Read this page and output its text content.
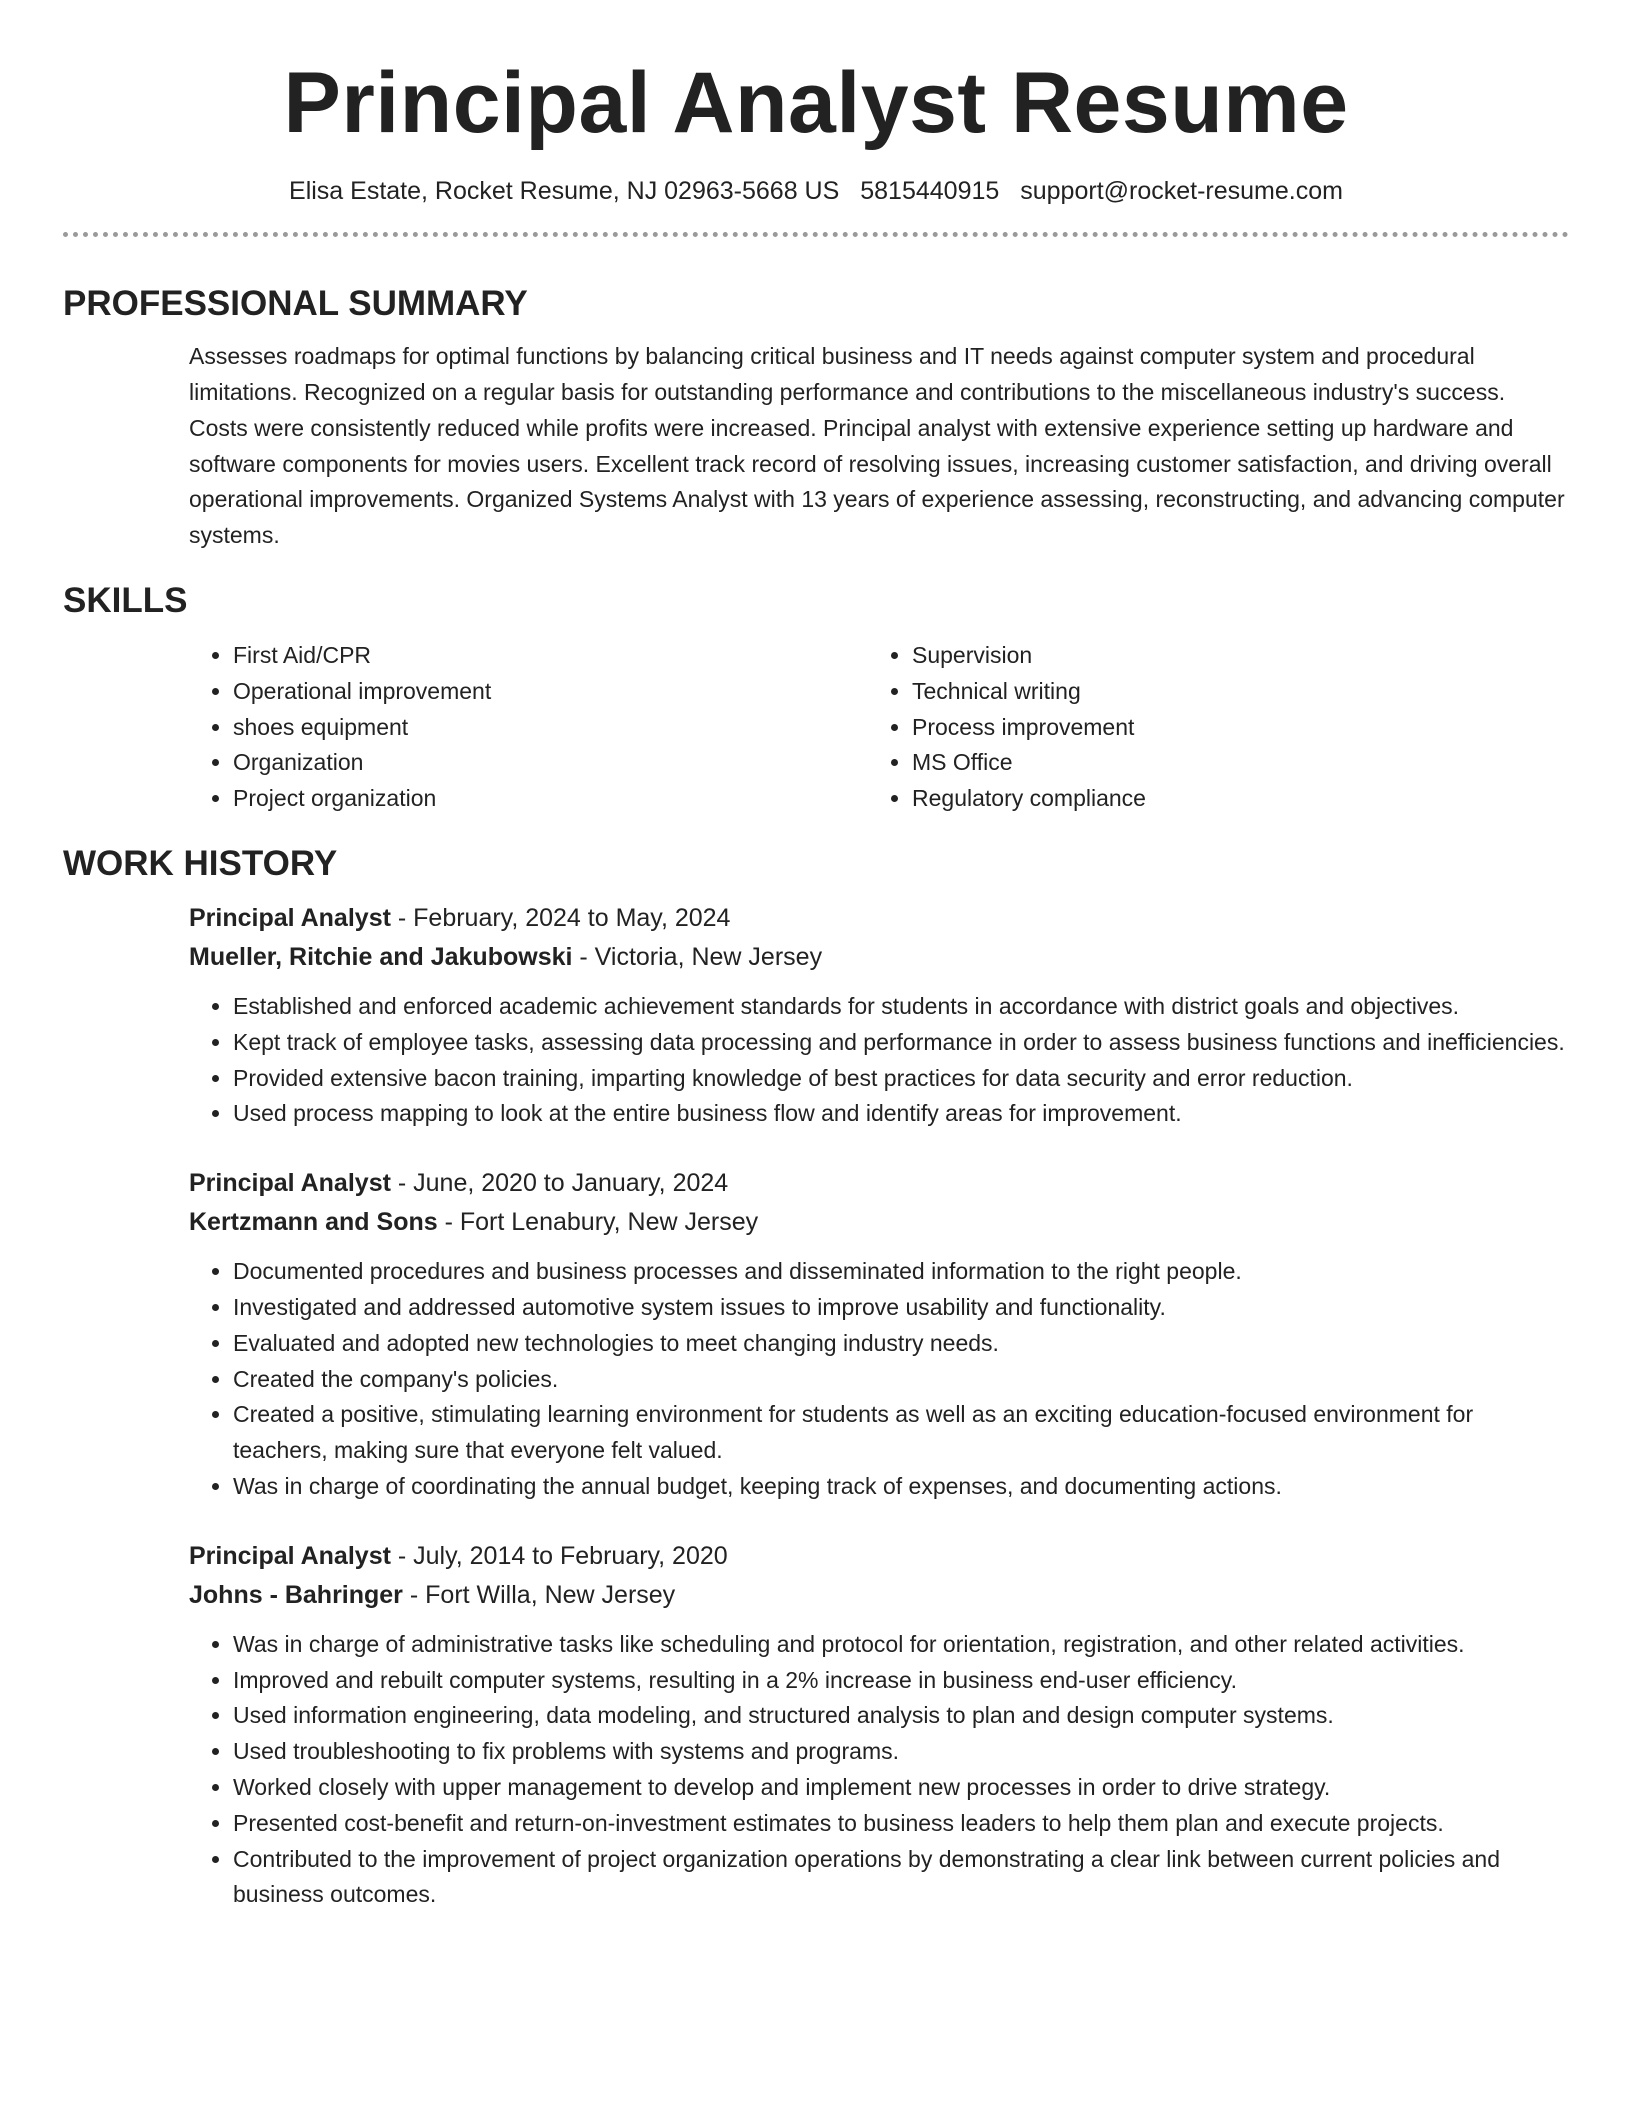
Principal Analyst Resume
Elisa Estate, Rocket Resume, NJ 02963-5668 US 5815440915 support@rocket-resume.com
PROFESSIONAL SUMMARY

Assesses roadmaps for optimal functions by balancing critical business and IT needs against computer system and procedural limitations. Recognized on a regular basis for outstanding performance and contributions to the miscellaneous industry's success. Costs were consistently reduced while profits were increased. Principal analyst with extensive experience setting up hardware and software components for movies users. Excellent track record of resolving issues, increasing customer satisfaction, and driving overall operational improvements. Organized Systems Analyst with 13 years of experience assessing, reconstructing, and advancing computer systems.

SKILLS
• First Aid/CPR
• Operational improvement
• shoes equipment
• Organization
• Project organization
• Supervision
• Technical writing
• Process improvement
• MS Office
• Regulatory compliance
WORK HISTORY

Principal Analyst - February, 2024 to May, 2024

Mueller, Ritchie and Jakubowski - Victoria, New Jersey

• Established and enforced academic achievement standards for students in accordance with district goals and objectives.
• Kept track of employee tasks, assessing data processing and performance in order to assess business functions and inefficiencies.
• Provided extensive bacon training, imparting knowledge of best practices for data security and error reduction.
• Used process mapping to look at the entire business flow and identify areas for improvement.

Principal Analyst - June, 2020 to January, 2024

Kertzmann and Sons - Fort Lenabury, New Jersey

• Documented procedures and business processes and disseminated information to the right people.
• Investigated and addressed automotive system issues to improve usability and functionality.
• Evaluated and adopted new technologies to meet changing industry needs.
• Created the company's policies.
• Created a positive, stimulating learning environment for students as well as an exciting education-focused environment for teachers, making sure that everyone felt valued.
• Was in charge of coordinating the annual budget, keeping track of expenses, and documenting actions.

Principal Analyst - July, 2014 to February, 2020

Johns - Bahringer - Fort Willa, New Jersey

• Was in charge of administrative tasks like scheduling and protocol for orientation, registration, and other related activities.
• Improved and rebuilt computer systems, resulting in a 2% increase in business end-user efficiency.
• Used information engineering, data modeling, and structured analysis to plan and design computer systems.
• Used troubleshooting to fix problems with systems and programs.
• Worked closely with upper management to develop and implement new processes in order to drive strategy.
• Presented cost-benefit and return-on-investment estimates to business leaders to help them plan and execute projects.
• Contributed to the improvement of project organization operations by demonstrating a clear link between current policies and business outcomes.
